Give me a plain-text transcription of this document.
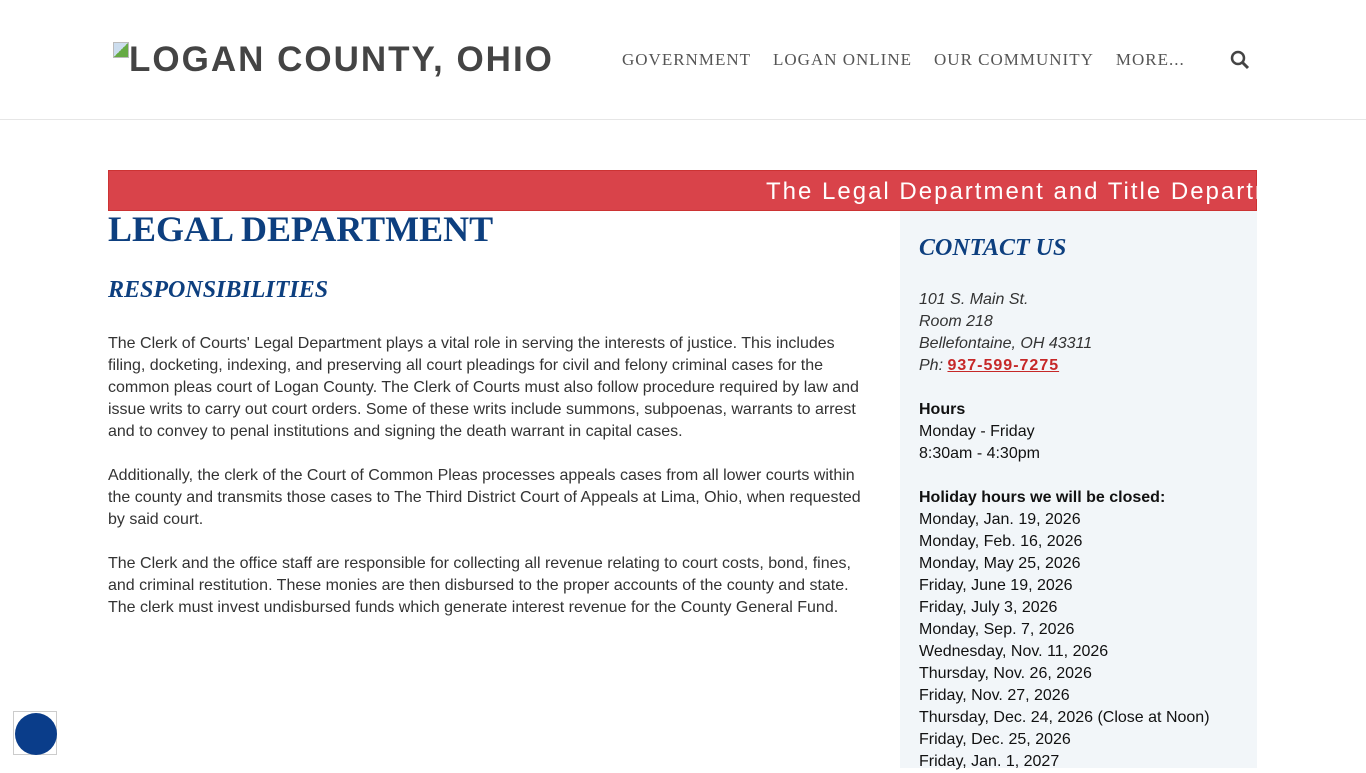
LOGAN COUNTY, OHIO	GOVERNMENT LOGAN ONLINE OUR COMMUNITY MORE...
The Legal Department and Title Department
LEGAL DEPARTMENT
RESPONSIBILITIES

The Clerk of Courts' Legal Department plays a vital role in serving the interests of justice. This includes filing, docketing, indexing, and preserving all court pleadings for civil and felony criminal cases for the common pleas court of Logan County. The Clerk of Courts must also follow procedure required by law and issue writs to carry out court orders. Some of these writs include summons, subpoenas, warrants to arrest and to convey to penal institutions and signing the death warrant in capital cases.

Additionally, the clerk of the Court of Common Pleas processes appeals cases from all lower courts within the county and transmits those cases to The Third District Court of Appeals at Lima, Ohio, when requested by said court.

The Clerk and the office staff are responsible for collecting all revenue relating to court costs, bond, fines, and criminal restitution. These monies are then disbursed to the proper accounts of the county and state. The clerk must invest undisbursed funds which generate interest revenue for the County General Fund.

CONTACT US
101 S. Main St.
Room 218
Bellefontaine, OH 43311
Ph: 937-599-7275
Hours
Monday - Friday
8:30am - 4:30pm
Holiday hours we will be closed:
Monday, Jan. 19, 2026
Monday, Feb. 16, 2026
Monday, May 25, 2026
Friday, June 19, 2026
Friday, July 3, 2026
Monday, Sep. 7, 2026
Wednesday, Nov. 11, 2026
Thursday, Nov. 26, 2026
Friday, Nov. 27, 2026
Thursday, Dec. 24, 2026 (Close at Noon)
Friday, Dec. 25, 2026
Friday, Jan. 1, 2027
